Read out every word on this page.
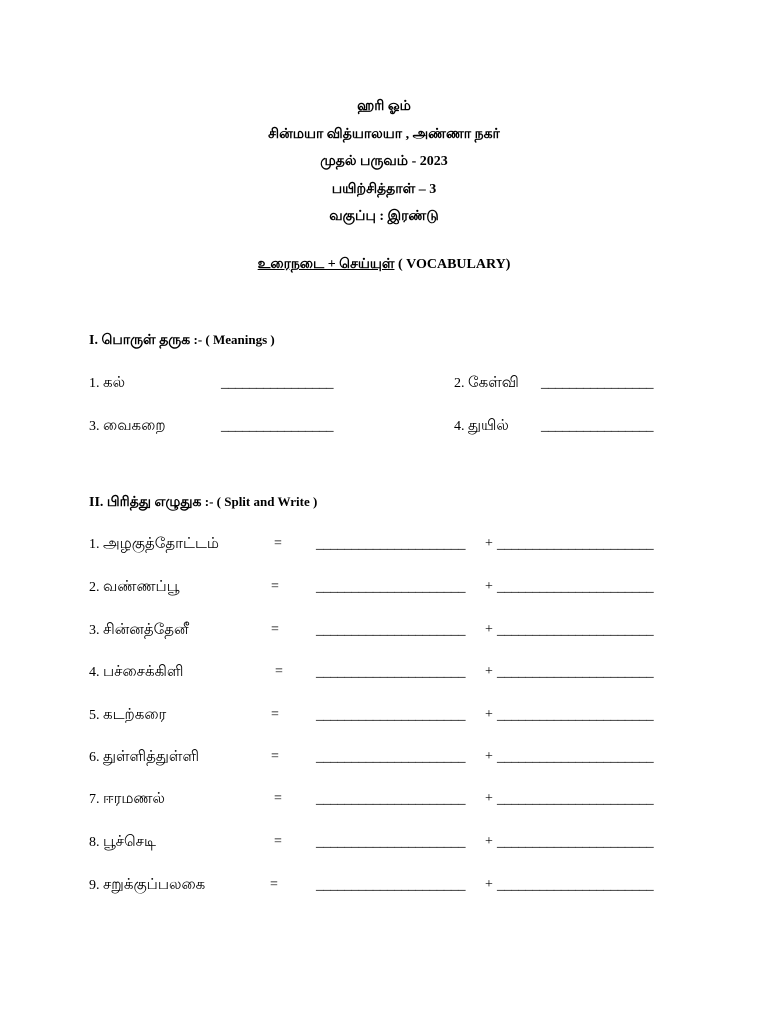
ஹரி ஓம்
சின்மயா வித்யாலயா , அண்ணா நகர்
முதல் பருவம் - 2023
பயிற்சித்தாள் – 3
வகுப்பு : இரண்டு
உரைநடை + செய்யுள் ( VOCABULARY)
I. பொருள் தருக :- ( Meanings )
1. கல்	________________	2. கேள்வி ________________
3. வைகறை	________________	4. துயில் ________________
II. பிரித்து எழுதுக :- ( Split and Write )
1. அழகுத்தோட்டம்	= _____________________ + ______________________
2. வண்ணப்பூ	= _____________________ + ______________________
3. சின்னத்தேனீ	= _____________________ + ______________________
4. பச்சைக்கிளி	= _____________________ + ______________________
5. கடற்கரை	= _____________________ + ______________________
6. துள்ளித்துள்ளி	= _____________________ + ______________________
7. ஈரமணல்	= _____________________ + ______________________
8. பூச்செடி	= _____________________ + ______________________
9. சறுக்குப்பலகை	=	_____________________ + ______________________
